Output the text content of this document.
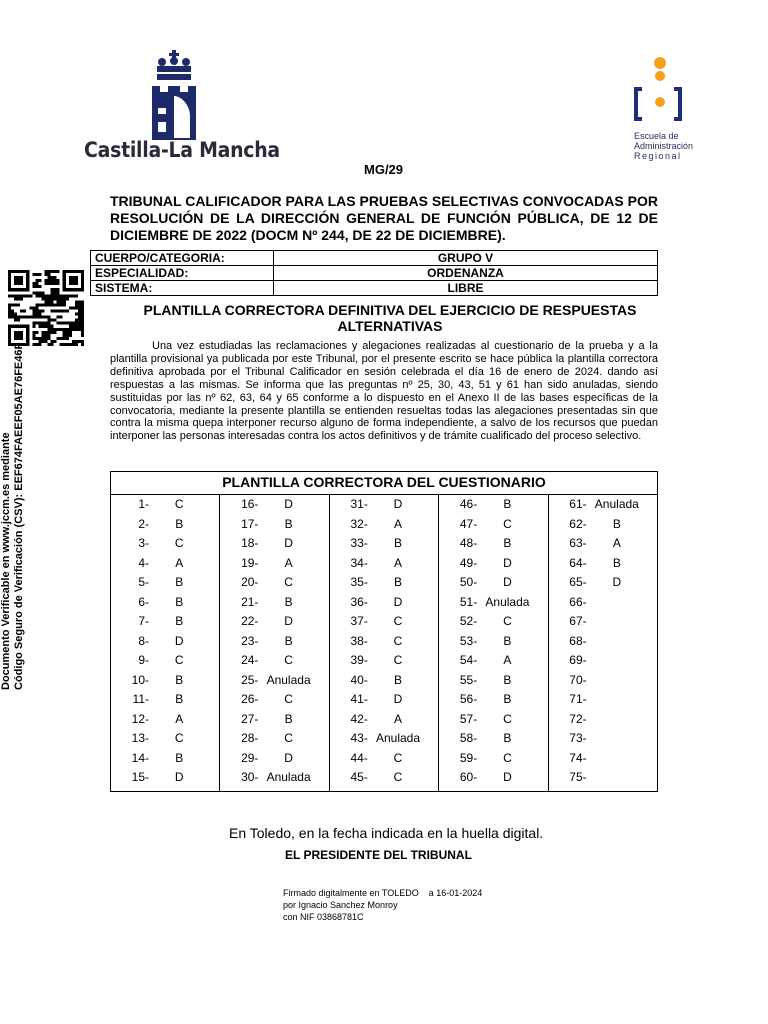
Castilla-La Mancha
Escuela de
Administración
Regional
MG/29
TRIBUNAL CALIFICADOR PARA LAS PRUEBAS SELECTIVAS CONVOCADAS POR RESOLUCIÓN DE LA DIRECCIÓN GENERAL DE FUNCIÓN PÚBLICA, DE 12 DE DICIEMBRE DE 2022 (DOCM Nº 244, DE 22 DE DICIEMBRE).
CUERPO/CATEGORIA:	GRUPO V
ESPECIALIDAD:	ORDENANZA
SISTEMA:	LIBRE
PLANTILLA CORRECTORA DEFINITIVA DEL EJERCICIO DE RESPUESTAS ALTERNATIVAS

Una vez estudiadas las reclamaciones y alegaciones realizadas al cuestionario de la prueba y a la plantilla provisional ya publicada por este Tribunal, por el presente escrito se hace pública la plantilla correctora definitiva aprobada por el Tribunal Calificador en sesión celebrada el día 16 de enero de 2024. dando así respuestas a las mismas. Se informa que las preguntas nº 25, 30, 43, 51 y 61 han sido anuladas, siendo sustituidas por las nº 62, 63, 64 y 65 conforme a lo dispuesto en el Anexo II de las bases específicas de la convocatoria, mediante la presente plantilla se entienden resueltas todas las alegaciones presentadas sin que contra la misma quepa interponer recurso alguno de forma independiente, a salvo de los recursos que puedan interponer las personas interesadas contra los actos definitivos y de trámite cualificado del proceso selectivo.

PLANTILLA CORRECTORA DEL CUESTIONARIO
1-	C
2-	B
3-	C
4-	A
5-	B
6-	B
7-	B
8-	D
9-	C
10-	B
11-	B
12-	A
13-	C
14-	B
15-	D
16-	D
17-	B
18-	D
19-	A
20-	C
21-	B
22-	D
23-	B
24-	C
25- Anulada
26-	C
27-	B
28-	C
29-	D
30- Anulada
31-	D
32-	A
33-	B
34-	A
35-	B
36-	D
37-	C
38-	C
39-	C
40-	B
41-	D
42-	A
43- Anulada
44-	C
45-	C
46-	B
47-	C
48-	B
49-	D
50-	D
51- Anulada
52-	C
53-	B
54-	A
55-	B
56-	B
57-	C
58-	B
59-	C
60-	D
61- Anulada
62-	B
63-	A
64-	B
65-	D
66-
67-
68-
69-
70-
71-
72-
73-
74-
75-
En Toledo, en la fecha indicada en la huella digital.
EL PRESIDENTE DEL TRIBUNAL
Firmado digitalmente en TOLEDO a 16-01-2024
por Ignacio Sanchez Monroy
con NIF 03868781C
Documento Verificable en www.jccm.es mediante Código Seguro de Verificación (CSV): EEF674FAEEF05AE76FE46F
